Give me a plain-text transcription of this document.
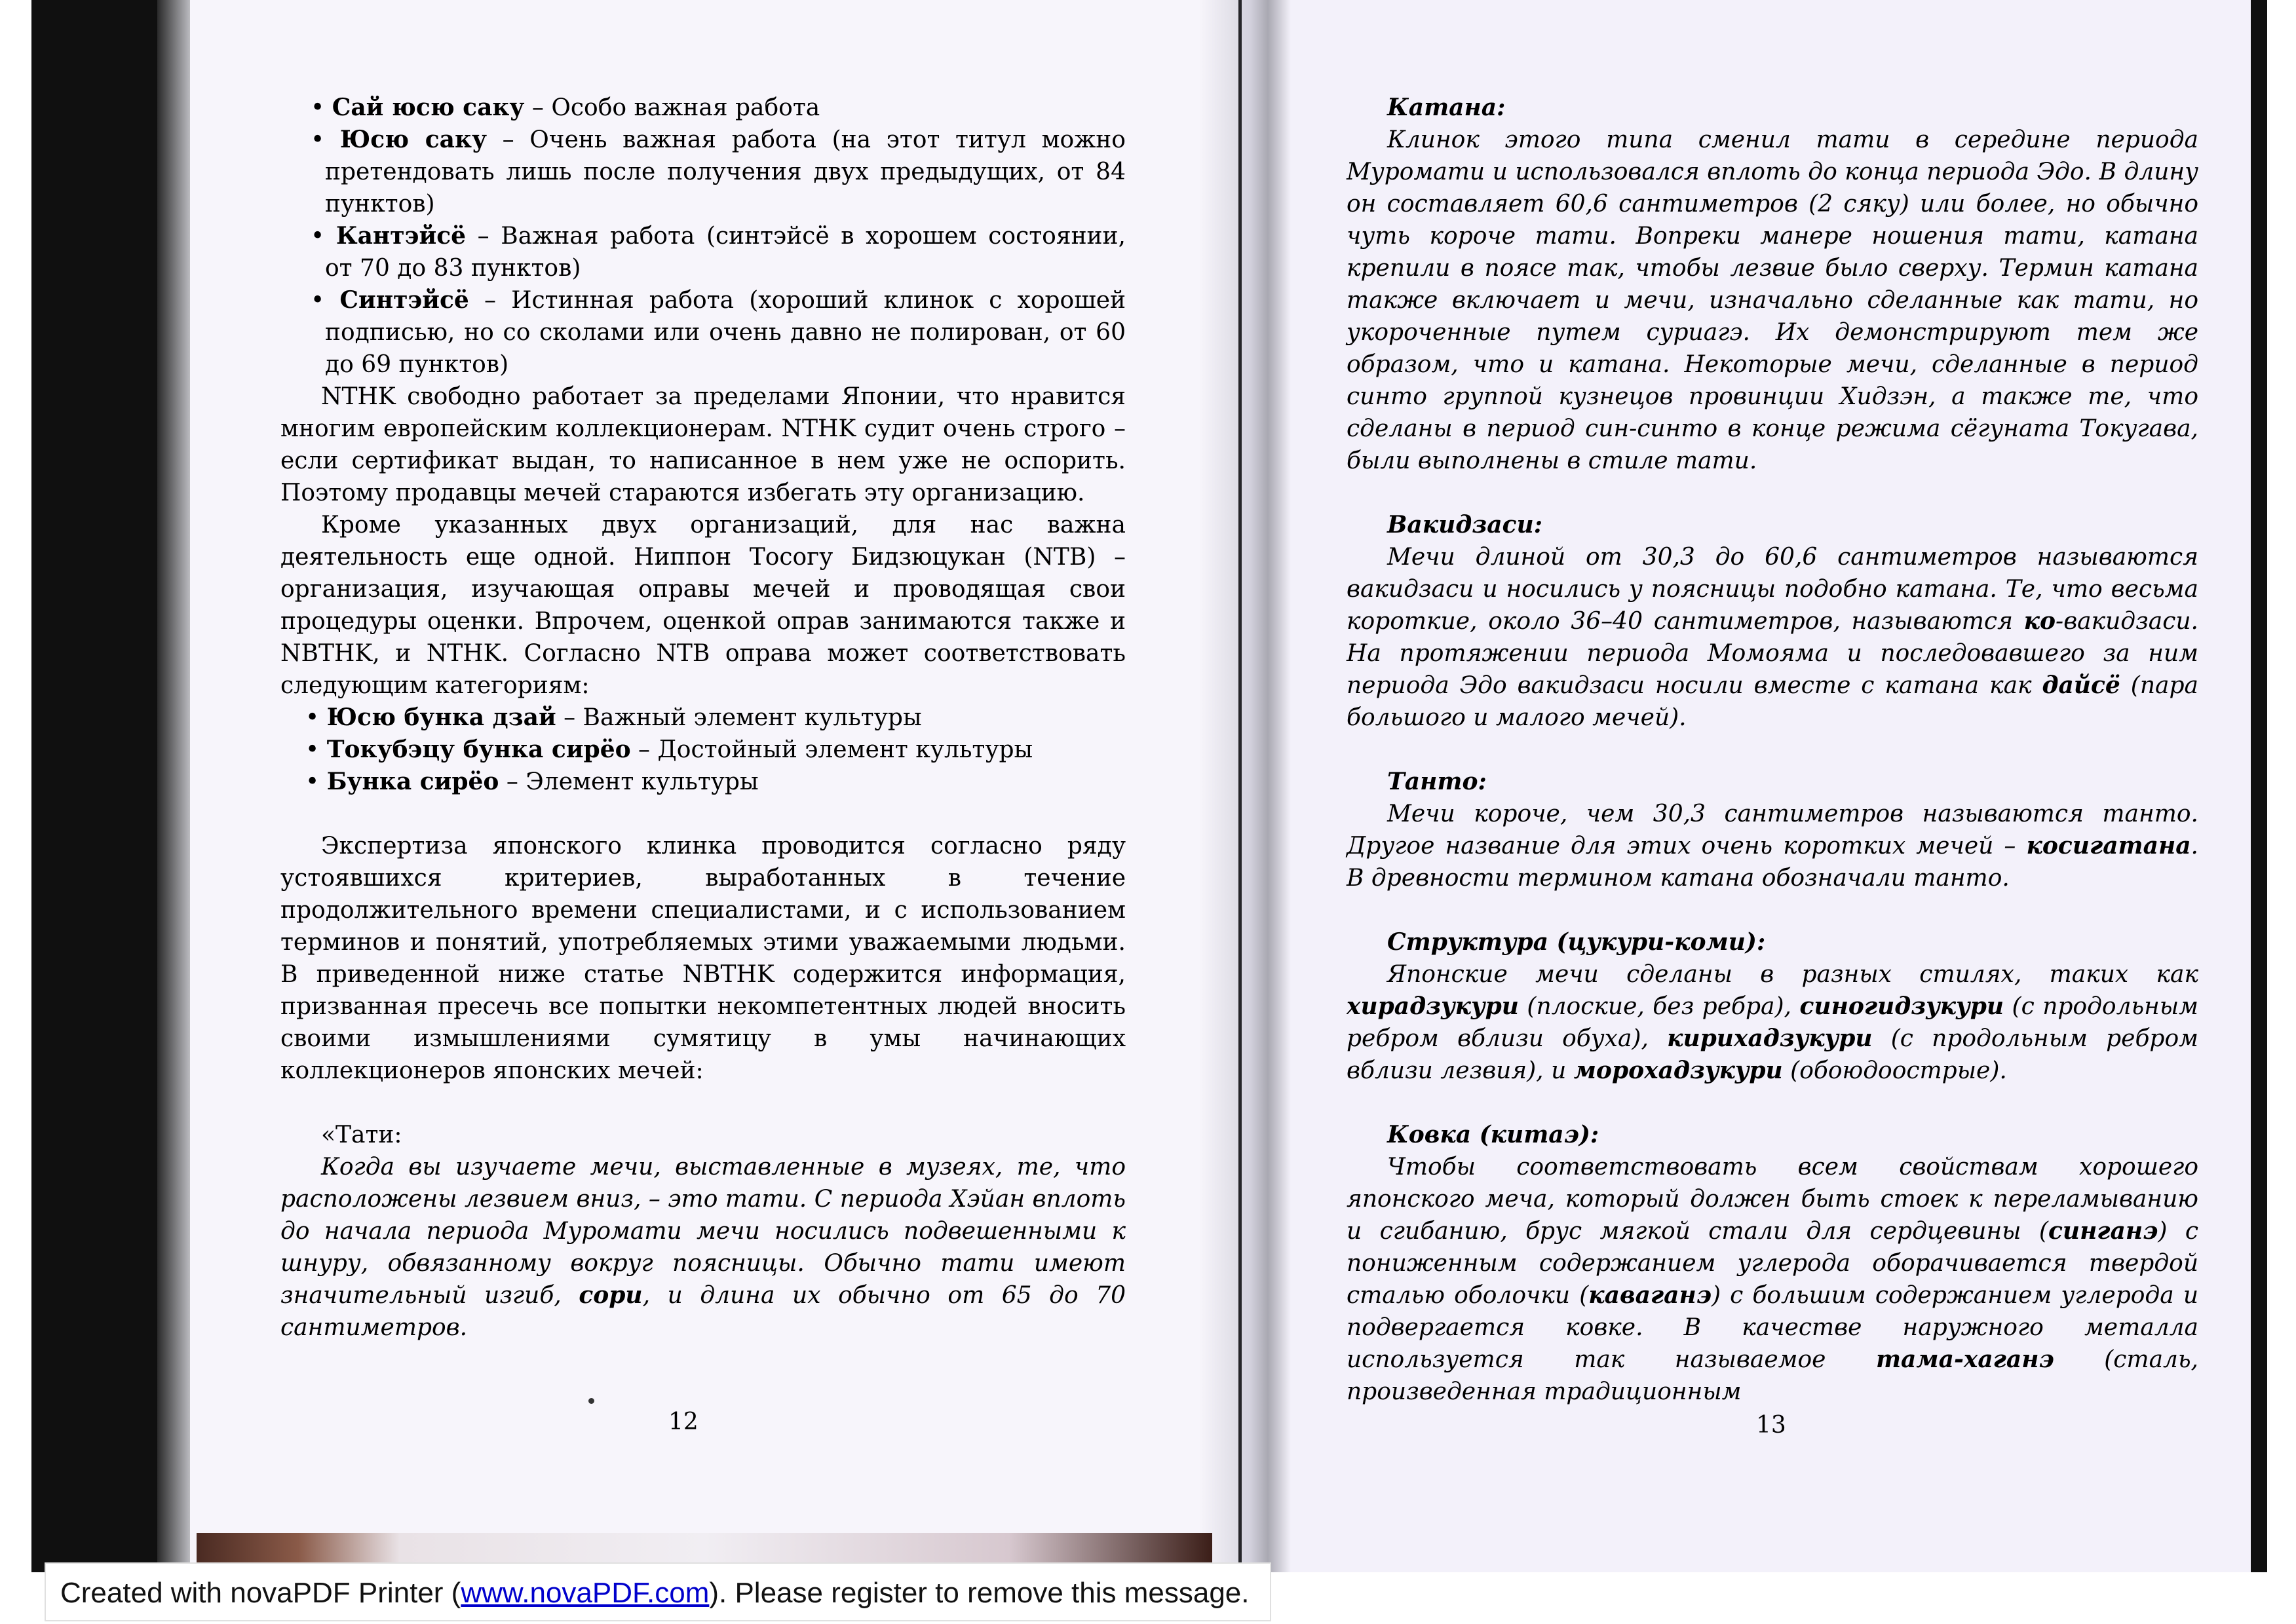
• Сай юсю саку – Особо важная работа

• Юсю саку – Очень важная работа (на этот титул можно претендовать лишь после получения двух предыдущих, от 84 пунктов)

• Кантэйсё – Важная работа (синтэйсё в хорошем состоянии, от 70 до 83 пунктов)

• Синтэйсё – Истинная работа (хороший клинок с хорошей подписью, но со сколами или очень давно не полирован, от 60 до 69 пунктов)

NTHK свободно работает за пределами Японии, что нравится многим европейским коллекционерам. NTHK судит очень строго – если сертификат выдан, то написанное в нем уже не оспорить. Поэтому продавцы мечей стараются избегать эту организацию.

Кроме указанных двух организаций, для нас важна деятельность еще одной. Ниппон Тосогу Бидзюцукан (NTB) – организация, изучающая оправы мечей и проводящая свои процедуры оценки. Впрочем, оценкой оправ занимаются также и NBTHK, и NTHK. Согласно NTB оправа может соответствовать следующим категориям:

• Юсю бунка дзай – Важный элемент культуры

• Токубэцу бунка сирёо – Достойный элемент культуры

• Бунка сирёо – Элемент культуры

Экспертиза японского клинка проводится согласно ряду устоявшихся критериев, выработанных в течение продолжительного времени специалистами, и с использованием терминов и понятий, употребляемых этими уважаемыми людьми. В приведенной ниже статье NBTHK содержится информация, призванная пресечь все попытки некомпетентных людей вносить своими измышлениями сумятицу в умы начинающих коллекционеров японских мечей:

«Тати:

Когда вы изучаете мечи, выставленные в музеях, те, что расположены лезвием вниз, – это тати. С периода Хэйан вплоть до начала периода Муромати мечи носились подвешенными к шнуру, обвязанному вокруг поясницы. Обычно тати имеют значительный изгиб, сори, и длина их обычно от 65 до 70 сантиметров.

12

Катана:

Клинок этого типа сменил тати в середине периода Муромати и использовался вплоть до конца периода Эдо. В длину он составляет 60,6 сантиметров (2 сяку) или более, но обычно чуть короче тати. Вопреки манере ношения тати, катана крепили в поясе так, чтобы лезвие было сверху. Термин катана также включает и мечи, изначально сделанные как тати, но укороченные путем суриагэ. Их демонстрируют тем же образом, что и катана. Некоторые мечи, сделанные в период синто группой кузнецов провинции Хидзэн, а также те, что сделаны в период син-синто в конце режима сёгуната Токугава, были выполнены в стиле тати.

Вакидзаси:

Мечи длиной от 30,3 до 60,6 сантиметров называются вакидзаси и носились у поясницы подобно катана. Те, что весьма короткие, около 36–40 сантиметров, называются ко-вакидзаси. На протяжении периода Момояма и последовавшего за ним периода Эдо вакидзаси носили вместе с катана как дайсё (пара большого и малого мечей).

Танто:

Мечи короче, чем 30,3 сантиметров называются танто. Другое название для этих очень коротких мечей – косигатана. В древности термином катана обозначали танто.

Структура (цукури-коми):

Японские мечи сделаны в разных стилях, таких как хирадзукури (плоские, без ребра), синогидзукури (с продольным ребром вблизи обуха), кирихадзукури (с продольным ребром вблизи лезвия), и морохадзукури (обоюдоострые).

Ковка (китаэ):

Чтобы соответствовать всем свойствам хорошего японского меча, который должен быть стоек к переламыванию и сгибанию, брус мягкой стали для сердцевины (синганэ) с пониженным содержанием углерода оборачивается твердой сталью оболочки (каваганэ) с большим содержанием углерода и подвергается ковке. В качестве наружного металла используется так называемое тама-хаганэ (сталь, произведенная традиционным

13
Created with novaPDF Printer (www.novaPDF.com). Please register to remove this message.
